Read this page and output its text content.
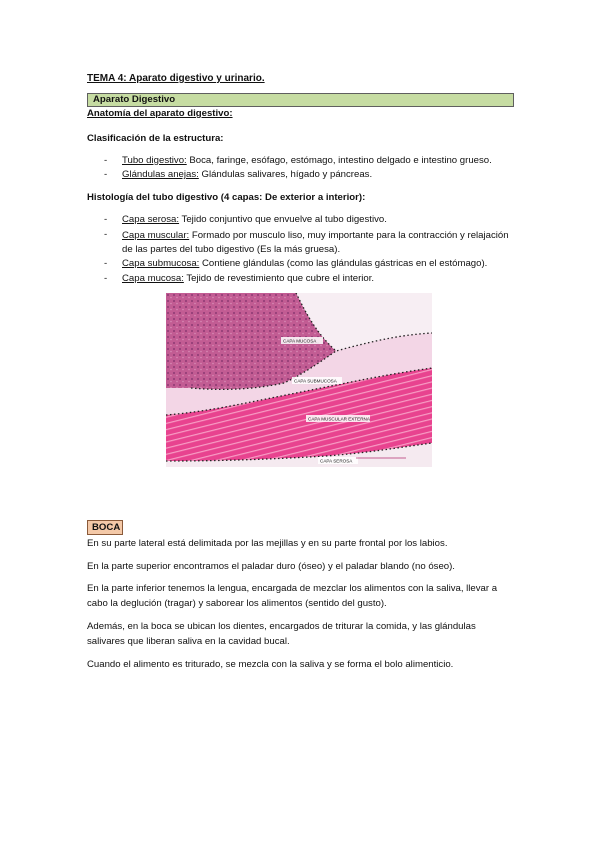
TEMA 4: Aparato digestivo y urinario.
Aparato Digestivo
Anatomía del aparato digestivo:
Clasificación de la estructura:
- Tubo digestivo: Boca, faringe, esófago, estómago, intestino delgado e intestino grueso.
- Glándulas anejas: Glándulas salivares, hígado y páncreas.
Histología del tubo digestivo (4 capas: De exterior a interior):
- Capa serosa: Tejido conjuntivo que envuelve al tubo digestivo.
- Capa muscular: Formado por musculo liso, muy importante para la contracción y relajación de las partes del tubo digestivo (Es la más gruesa).
- Capa submucosa: Contiene glándulas (como las glándulas gástricas en el estómago).
- Capa mucosa: Tejido de revestimiento que cubre el interior.
CAPA MUCOSA
CAPA SUBMUCOSA
CAPA MUSCULAR EXTERNA
CAPA SEROSA
BOCA
En su parte lateral está delimitada por las mejillas y en su parte frontal por los labios.
En la parte superior encontramos el paladar duro (óseo) y el paladar blando (no óseo).
En la parte inferior tenemos la lengua, encargada de mezclar los alimentos con la saliva, llevar a cabo la deglución (tragar) y saborear los alimentos (sentido del gusto).
Además, en la boca se ubican los dientes, encargados de triturar la comida, y las glándulas salivares que liberan saliva en la cavidad bucal.
Cuando el alimento es triturado, se mezcla con la saliva y se forma el bolo alimenticio.
